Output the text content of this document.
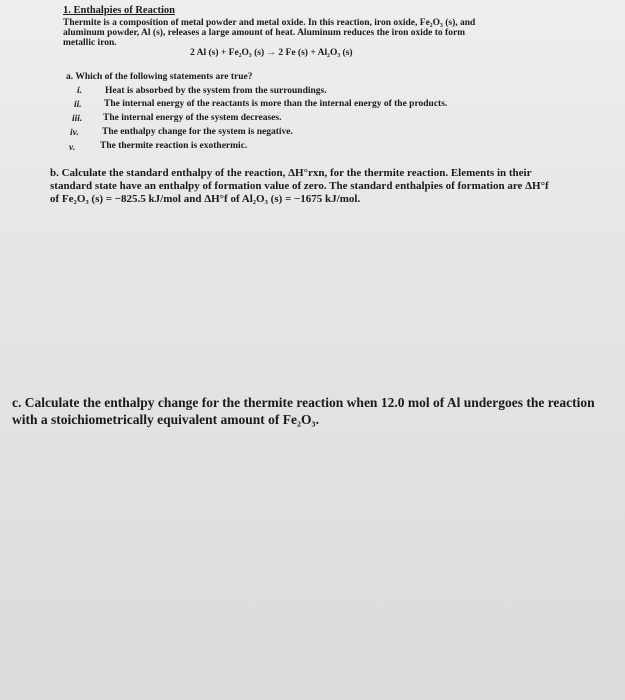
1. Enthalpies of Reaction
Thermite is a composition of metal powder and metal oxide. In this reaction, iron oxide, Fe₂O₃ (s), and
aluminum powder, Al (s), releases a large amount of heat. Aluminum reduces the iron oxide to form
metallic iron.
2 Al (s) + Fe₂O₃ (s) → 2 Fe (s) + Al₂O₃ (s)
a. Which of the following statements are true?
i. Heat is absorbed by the system from the surroundings.
ii. The internal energy of the reactants is more than the internal energy of the products.
iii. The internal energy of the system decreases.
iv. The enthalpy change for the system is negative.
v.	The thermite reaction is exothermic.
b. Calculate the standard enthalpy of the reaction, ΔH°rxn, for the thermite reaction. Elements in their
standard state have an enthalpy of formation value of zero. The standard enthalpies of formation are ΔH°f
of Fe₂O₃ (s) = −825.5 kJ/mol and ΔH°f of Al₂O₃ (s) = −1675 kJ/mol.
c. Calculate the enthalpy change for the thermite reaction when 12.0 mol of Al undergoes the reaction
with a stoichiometrically equivalent amount of Fe₂O₃.
